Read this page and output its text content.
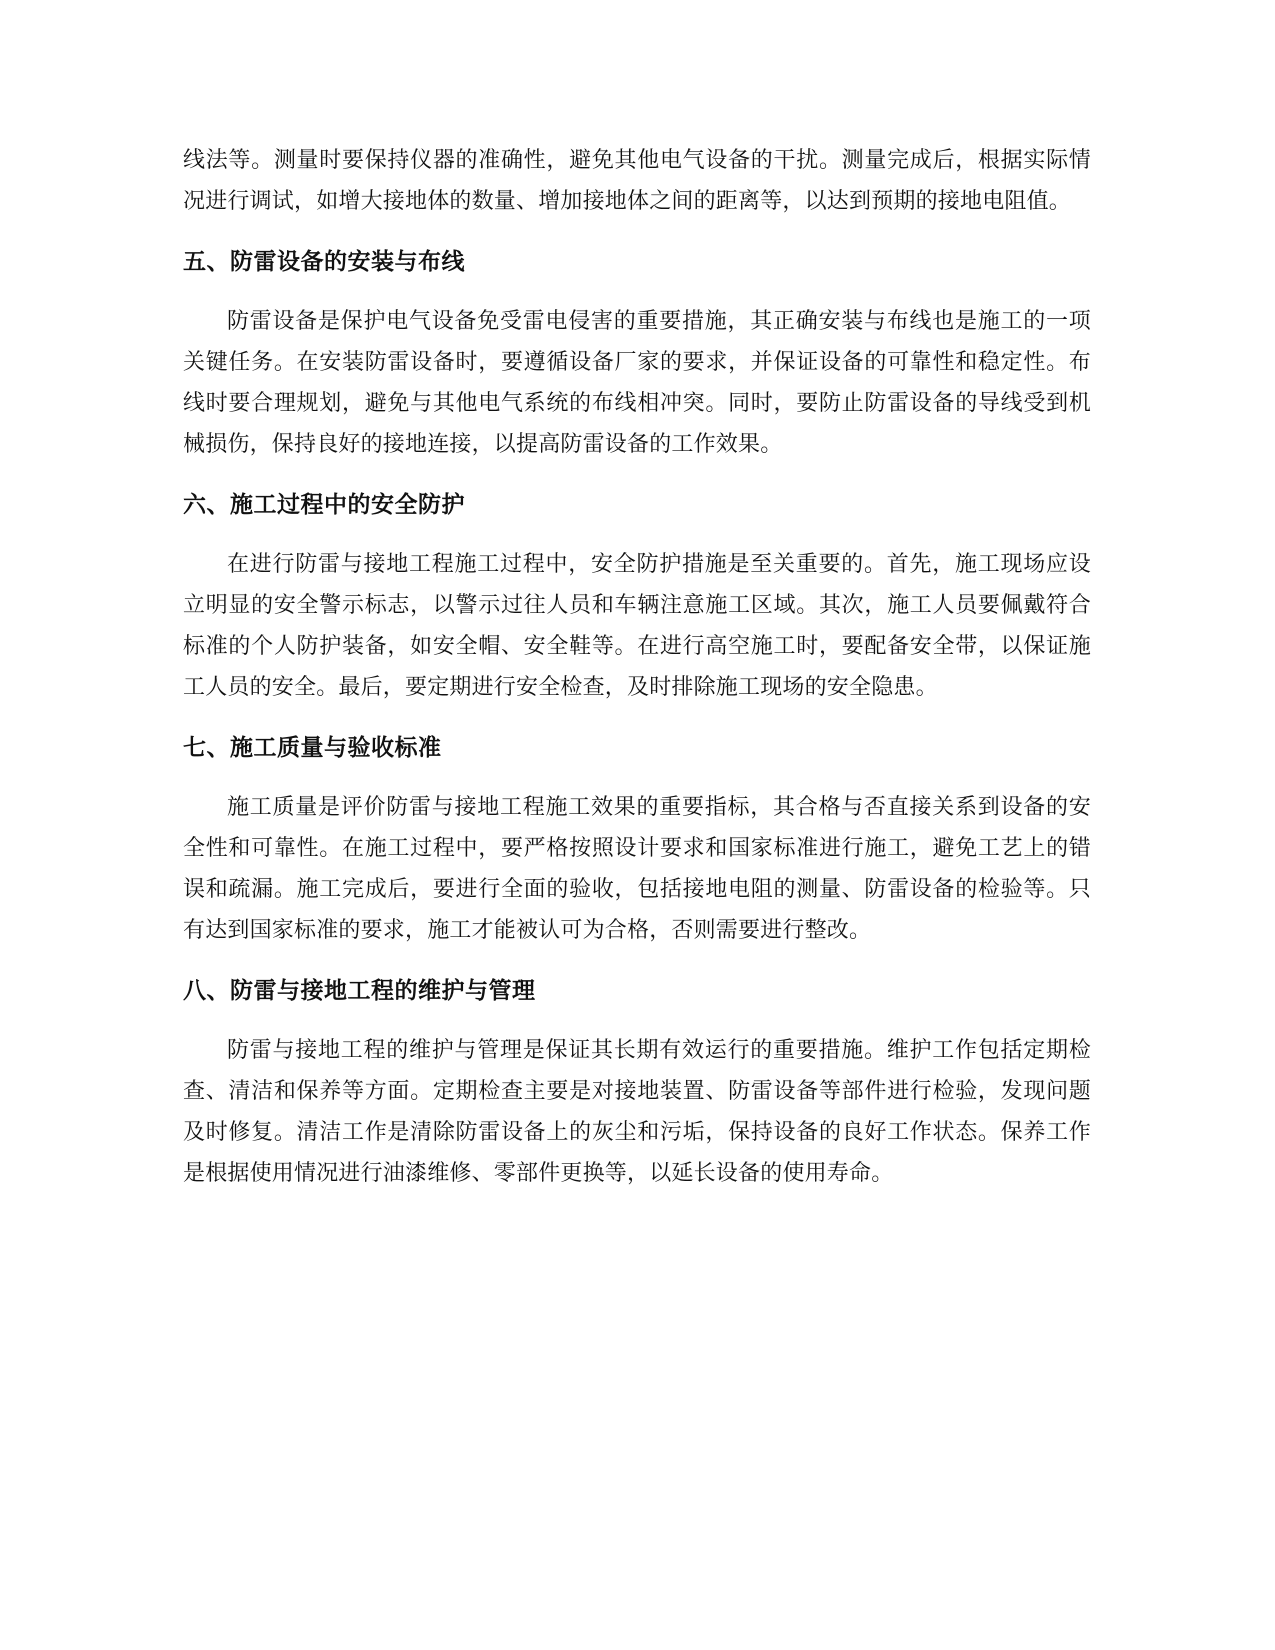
线法等。测量时要保持仪器的准确性，避免其他电气设备的干扰。测量完成后，根据实际情况进行调试，如增大接地体的数量、增加接地体之间的距离等，以达到预期的接地电阻值。

五、防雷设备的安装与布线

防雷设备是保护电气设备免受雷电侵害的重要措施，其正确安装与布线也是施工的一项关键任务。在安装防雷设备时，要遵循设备厂家的要求，并保证设备的可靠性和稳定性。布线时要合理规划，避免与其他电气系统的布线相冲突。同时，要防止防雷设备的导线受到机械损伤，保持良好的接地连接，以提高防雷设备的工作效果。

六、施工过程中的安全防护

在进行防雷与接地工程施工过程中，安全防护措施是至关重要的。首先，施工现场应设立明显的安全警示标志，以警示过往人员和车辆注意施工区域。其次，施工人员要佩戴符合标准的个人防护装备，如安全帽、安全鞋等。在进行高空施工时，要配备安全带，以保证施工人员的安全。最后，要定期进行安全检查，及时排除施工现场的安全隐患。

七、施工质量与验收标准

施工质量是评价防雷与接地工程施工效果的重要指标，其合格与否直接关系到设备的安全性和可靠性。在施工过程中，要严格按照设计要求和国家标准进行施工，避免工艺上的错误和疏漏。施工完成后，要进行全面的验收，包括接地电阻的测量、防雷设备的检验等。只有达到国家标准的要求，施工才能被认可为合格，否则需要进行整改。

八、防雷与接地工程的维护与管理

防雷与接地工程的维护与管理是保证其长期有效运行的重要措施。维护工作包括定期检查、清洁和保养等方面。定期检查主要是对接地装置、防雷设备等部件进行检验，发现问题及时修复。清洁工作是清除防雷设备上的灰尘和污垢，保持设备的良好工作状态。保养工作是根据使用情况进行油漆维修、零部件更换等，以延长设备的使用寿命。
